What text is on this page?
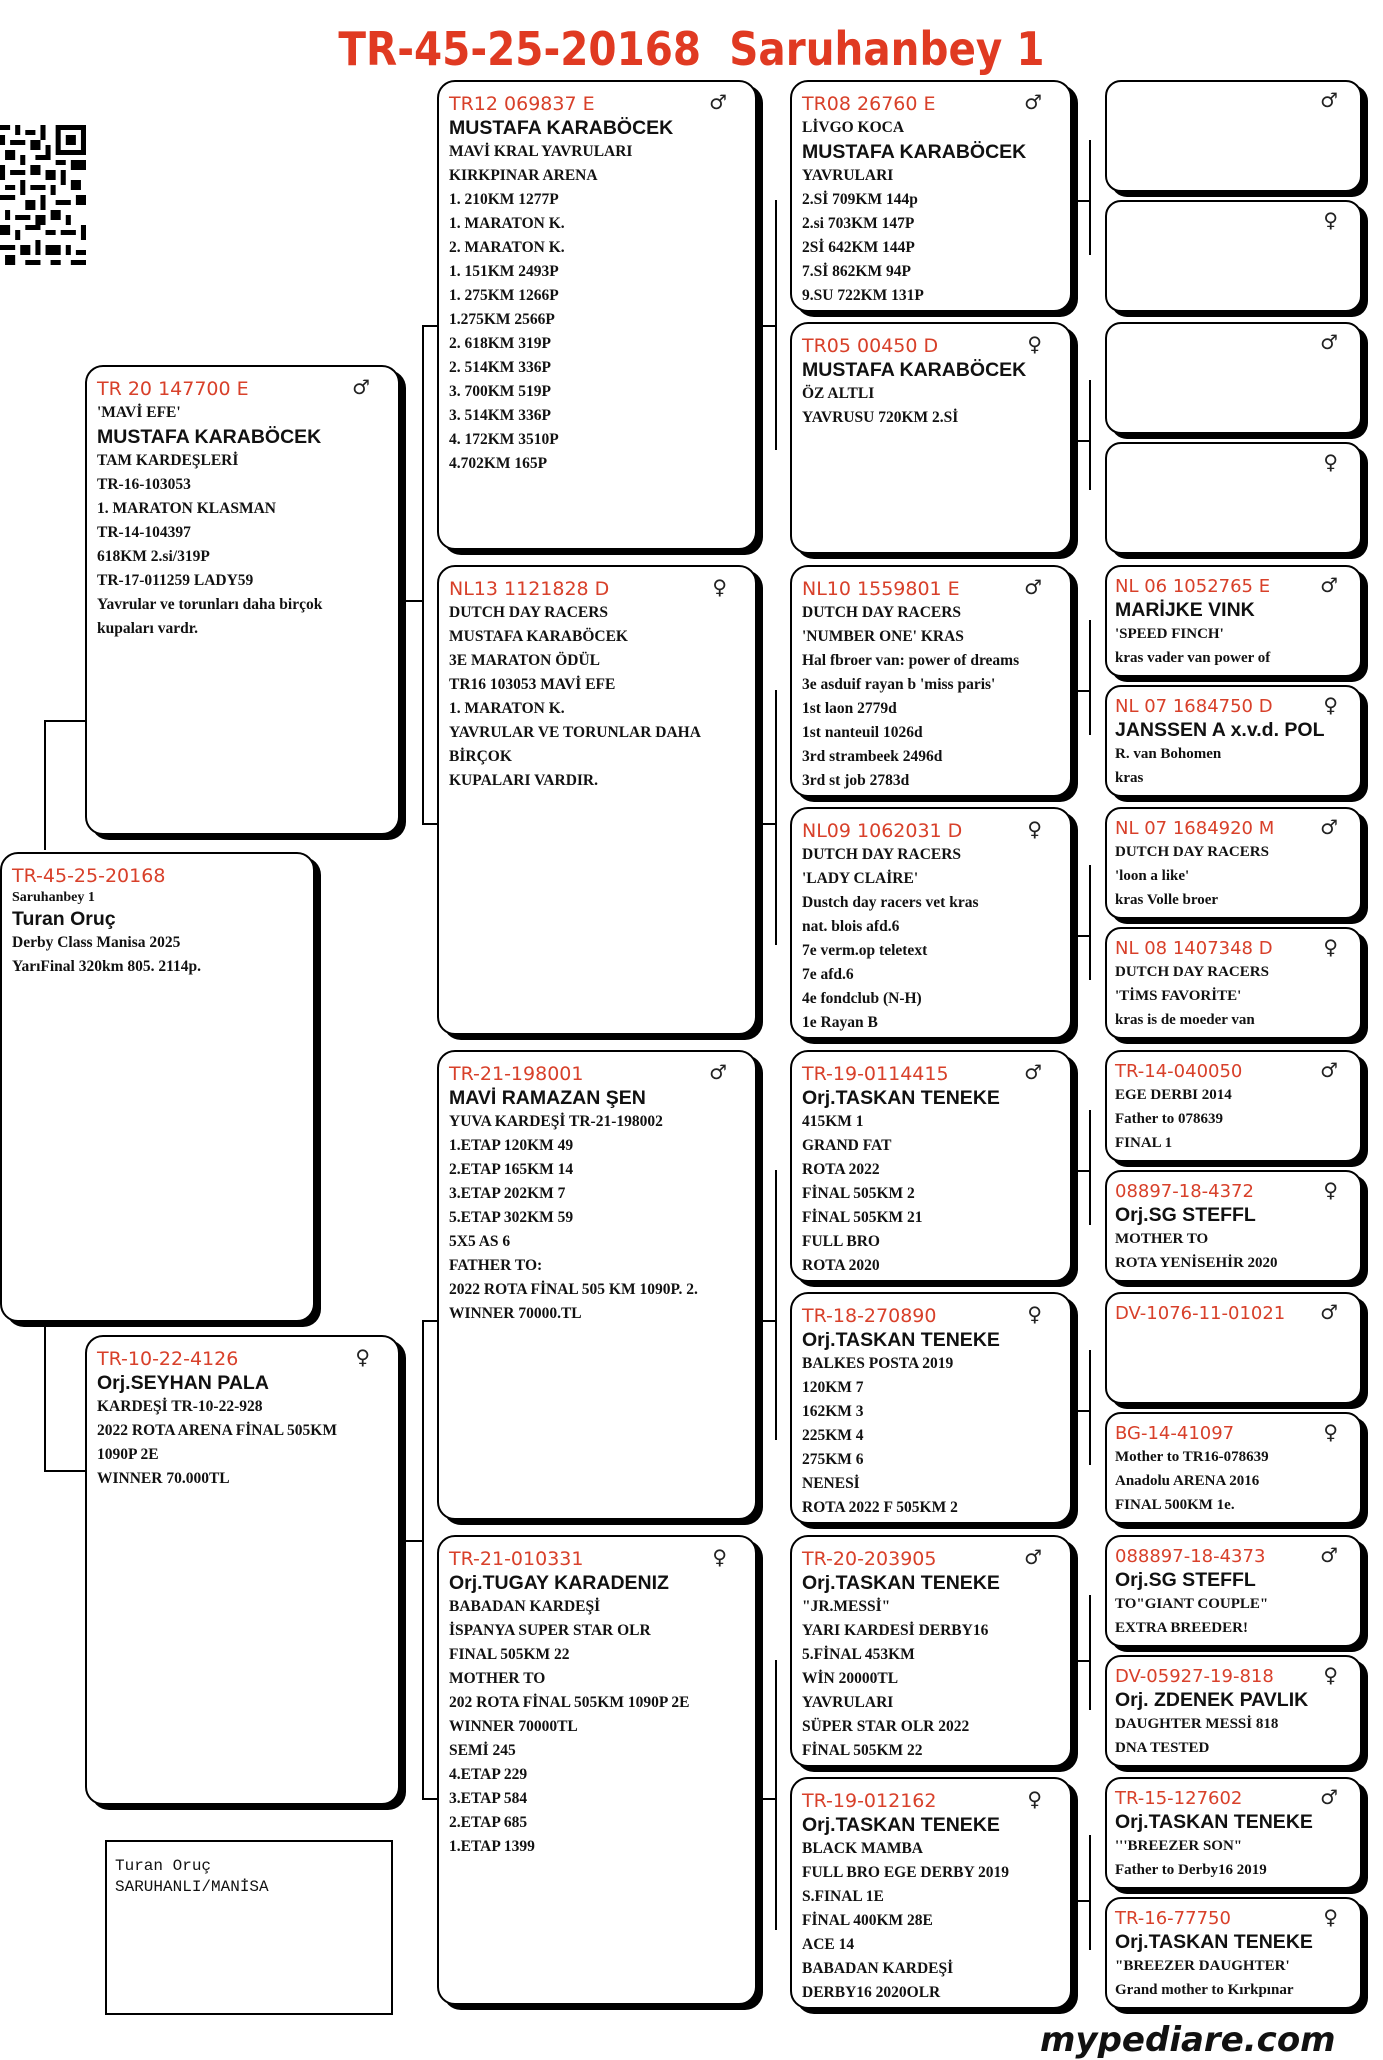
TR-45-25-20168  Saruhanbey 1
TR-45-25-20168
Saruhanbey 1
Turan Oruç
Derby Class Manisa 2025
YarıFinal 320km 805. 2114p.
♂
TR 20 147700 E
'MAVİ EFE'
MUSTAFA KARABÖCEK
TAM KARDEŞLERİ
TR-16-103053
1. MARATON KLASMAN
TR-14-104397
618KM 2.si/319P
TR-17-011259 LADY59
Yavrular ve torunları daha birçok
kupaları vardr.
♀
TR-10-22-4126
Orj.SEYHAN PALA
KARDEŞİ TR-10-22-928
2022 ROTA ARENA FİNAL 505KM
1090P 2E
WINNER 70.000TL
♂
TR12 069837 E
MUSTAFA KARABÖCEK
MAVİ KRAL YAVRULARI
KIRKPINAR ARENA
1. 210KM 1277P
1. MARATON K.
2. MARATON K.
1. 151KM 2493P
1. 275KM 1266P
1.275KM 2566P
2. 618KM 319P
2. 514KM 336P
3. 700KM 519P
3. 514KM 336P
4. 172KM 3510P
4.702KM 165P
♀
NL13 1121828 D
DUTCH DAY RACERS
MUSTAFA KARABÖCEK
3E MARATON ÖDÜL
TR16 103053 MAVİ EFE
1. MARATON K.
YAVRULAR VE TORUNLAR DAHA
BİRÇOK
KUPALARI VARDIR.
♂
TR-21-198001
MAVİ RAMAZAN ŞEN
YUVA KARDEŞİ TR-21-198002
1.ETAP 120KM 49
2.ETAP 165KM 14
3.ETAP 202KM 7
5.ETAP 302KM 59
5X5 AS 6
FATHER TO:
2022 ROTA FİNAL 505 KM 1090P. 2.
WINNER 70000.TL
♀
TR-21-010331
Orj.TUGAY KARADENIZ
BABADAN KARDEŞİ
İSPANYA SUPER STAR OLR
FINAL 505KM 22
MOTHER TO
202 ROTA FİNAL 505KM 1090P 2E
WINNER 70000TL
SEMİ 245
4.ETAP 229
3.ETAP 584
2.ETAP 685
1.ETAP 1399
♂
TR08 26760 E
LİVGO KOCA
MUSTAFA KARABÖCEK
YAVRULARI
2.Sİ 709KM 144p
2.si 703KM 147P
2Sİ 642KM 144P
7.Sİ 862KM 94P
9.SU 722KM 131P
♀
TR05 00450 D
MUSTAFA KARABÖCEK
ÖZ ALTLI
YAVRUSU 720KM 2.Sİ
♂
NL10 1559801 E
DUTCH DAY RACERS
'NUMBER ONE' KRAS
Hal fbroer van: power of dreams
3e asduif rayan b 'miss paris'
1st laon 2779d
1st nanteuil 1026d
3rd strambeek 2496d
3rd st job 2783d
♀
NL09 1062031 D
DUTCH DAY RACERS
'LADY CLAİRE'
Dustch day racers vet kras
nat. blois afd.6
7e verm.op teletext
7e afd.6
4e fondclub (N-H)
1e Rayan B
♂
TR-19-0114415
Orj.TASKAN TENEKE
415KM 1
GRAND FAT
ROTA 2022
FİNAL 505KM 2
FİNAL 505KM 21
FULL BRO
ROTA 2020
♀
TR-18-270890
Orj.TASKAN TENEKE
BALKES POSTA 2019
120KM 7
162KM 3
225KM 4
275KM 6
NENESİ
ROTA 2022 F 505KM 2
♂
TR-20-203905
Orj.TASKAN TENEKE
"JR.MESSİ"
YARI KARDESİ DERBY16
5.FİNAL 453KM
WİN 20000TL
YAVRULARI
SÜPER STAR OLR 2022
FİNAL 505KM 22
♀
TR-19-012162
Orj.TASKAN TENEKE
BLACK MAMBA
FULL BRO EGE DERBY 2019
S.FINAL 1E
FİNAL 400KM 28E
ACE 14
BABADAN KARDEŞİ
DERBY16 2020OLR
♂

♀

♂

♀

♂
NL 06 1052765 E
MARİJKE VINK
'SPEED FINCH'
kras vader van power of
♀
NL 07 1684750 D
JANSSEN A x.v.d. POL
R. van Bohomen
kras
♂
NL 07 1684920 M
DUTCH DAY RACERS
'loon a like'
kras Volle broer
♀
NL 08 1407348 D
DUTCH DAY RACERS
'TİMS FAVORİTE'
kras is de moeder van
♂
TR-14-040050
EGE DERBI 2014
Father to 078639
FINAL 1
♀
08897-18-4372
Orj.SG STEFFL
MOTHER TO
ROTA YENİSEHİR 2020
♂
DV-1076-11-01021
♀
BG-14-41097
Mother to TR16-078639
Anadolu ARENA 2016
FINAL 500KM 1e.
♂
088897-18-4373
Orj.SG STEFFL
TO"GIANT COUPLE"
EXTRA BREEDER!
♀
DV-05927-19-818
Orj. ZDENEK PAVLIK
DAUGHTER MESSİ 818
DNA TESTED
♂
TR-15-127602
Orj.TASKAN TENEKE
'''BREEZER SON"
Father to Derby16 2019
♀
TR-16-77750
Orj.TASKAN TENEKE
"BREEZER DAUGHTER'
Grand mother to Kırkpınar
Turan Oruç
SARUHANLI/MANİSA
mypediare.com
